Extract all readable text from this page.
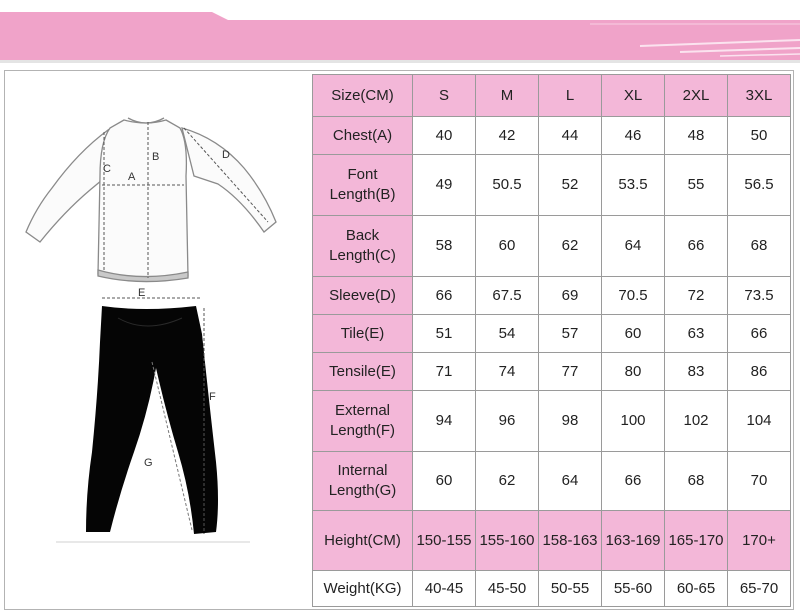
A
B
C
D
E
F
G
Size(CM)	S	M	L	XL	2XL	3XL
Chest(A)	40	42	44	46	48	50
Font Length(B)	49	50.5	52	53.5	55	56.5
Back Length(C)	58	60	62	64	66	68
Sleeve(D)	66	67.5	69	70.5	72	73.5
Tile(E)	51	54	57	60	63	66
Tensile(E)	71	74	77	80	83	86
External Length(F)	94	96	98	100	102	104
Internal Length(G)	60	62	64	66	68	70
Height(CM)	150-155	155-160	158-163	163-169	165-170	170+
Weight(KG)	40-45	45-50	50-55	55-60	60-65	65-70
